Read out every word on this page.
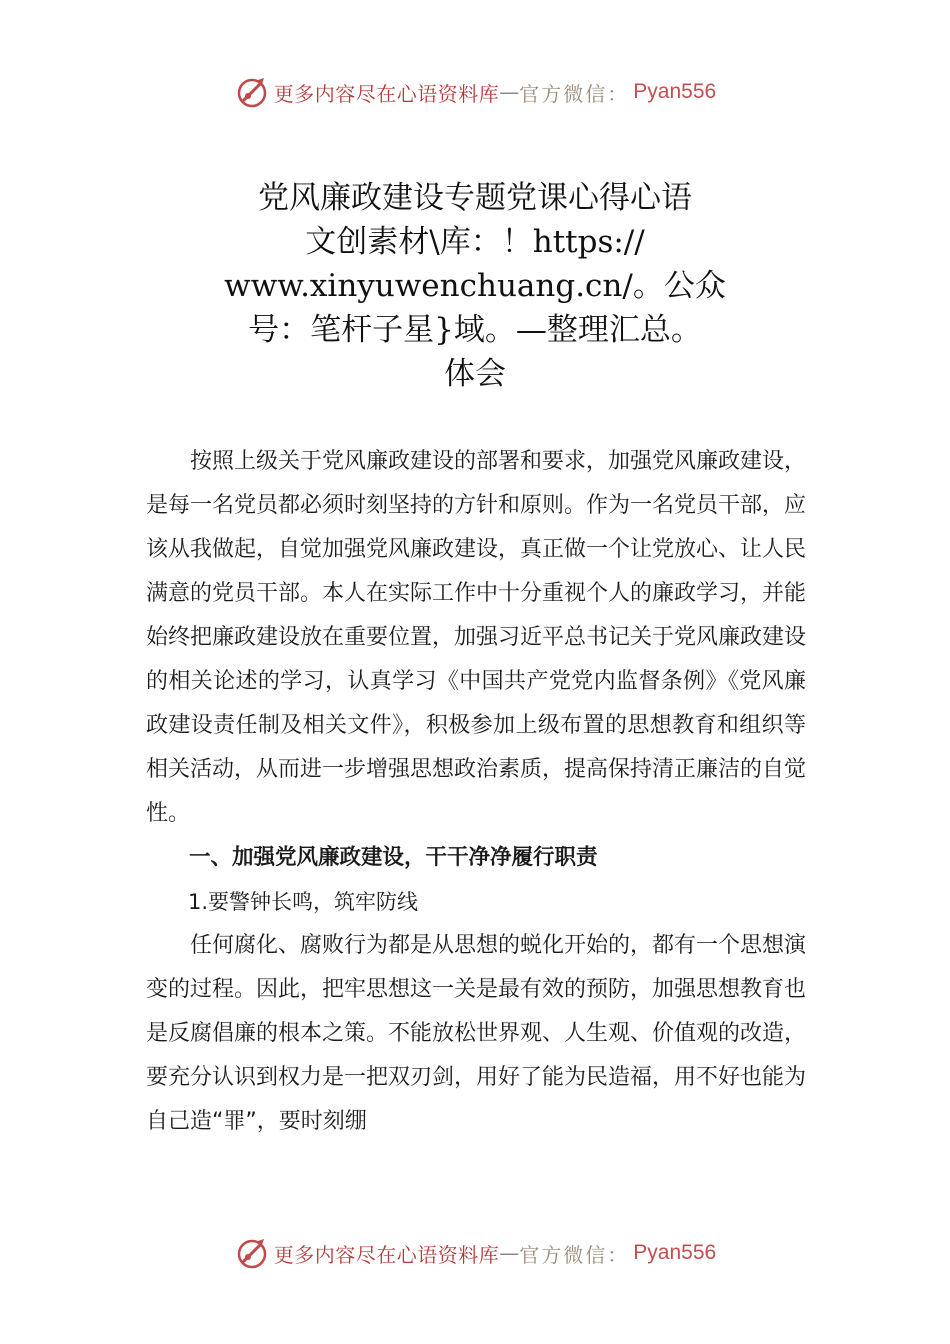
更多内容尽在心语资料库 — 官方微信： Pyan556
党风廉政建设专题党课心得心语
文创素材\库：！https://
www.xinyuwenchuang.cn/。公众
号：笔杆子星}域。—整理汇总。
体会

按照上级关于党风廉政建设的部署和要求，加强党风廉政建设，是每一名党员都必须时刻坚持的方针和原则。作为一名党员干部，应该从我做起，自觉加强党风廉政建设，真正做一个让党放心、让人民满意的党员干部。本人在实际工作中十分重视个人的廉政学习，并能始终把廉政建设放在重要位置，加强习近平总书记关于党风廉政建设的相关论述的学习，认真学习《中国共产党党内监督条例》《党风廉政建设责任制及相关文件》，积极参加上级布置的思想教育和组织等相关活动，从而进一步增强思想政治素质，提高保持清正廉洁的自觉性。

一、加强党风廉政建设，干干净净履行职责

1.要警钟长鸣，筑牢防线

任何腐化、腐败行为都是从思想的蜕化开始的，都有一个思想演变的过程。因此，把牢思想这一关是最有效的预防，加强思想教育也是反腐倡廉的根本之策。不能放松世界观、人生观、价值观的改造，要充分认识到权力是一把双刃剑，用好了能为民造福，用不好也能为自己造“罪”，要时刻绷

更多内容尽在心语资料库 — 官方微信： Pyan556
